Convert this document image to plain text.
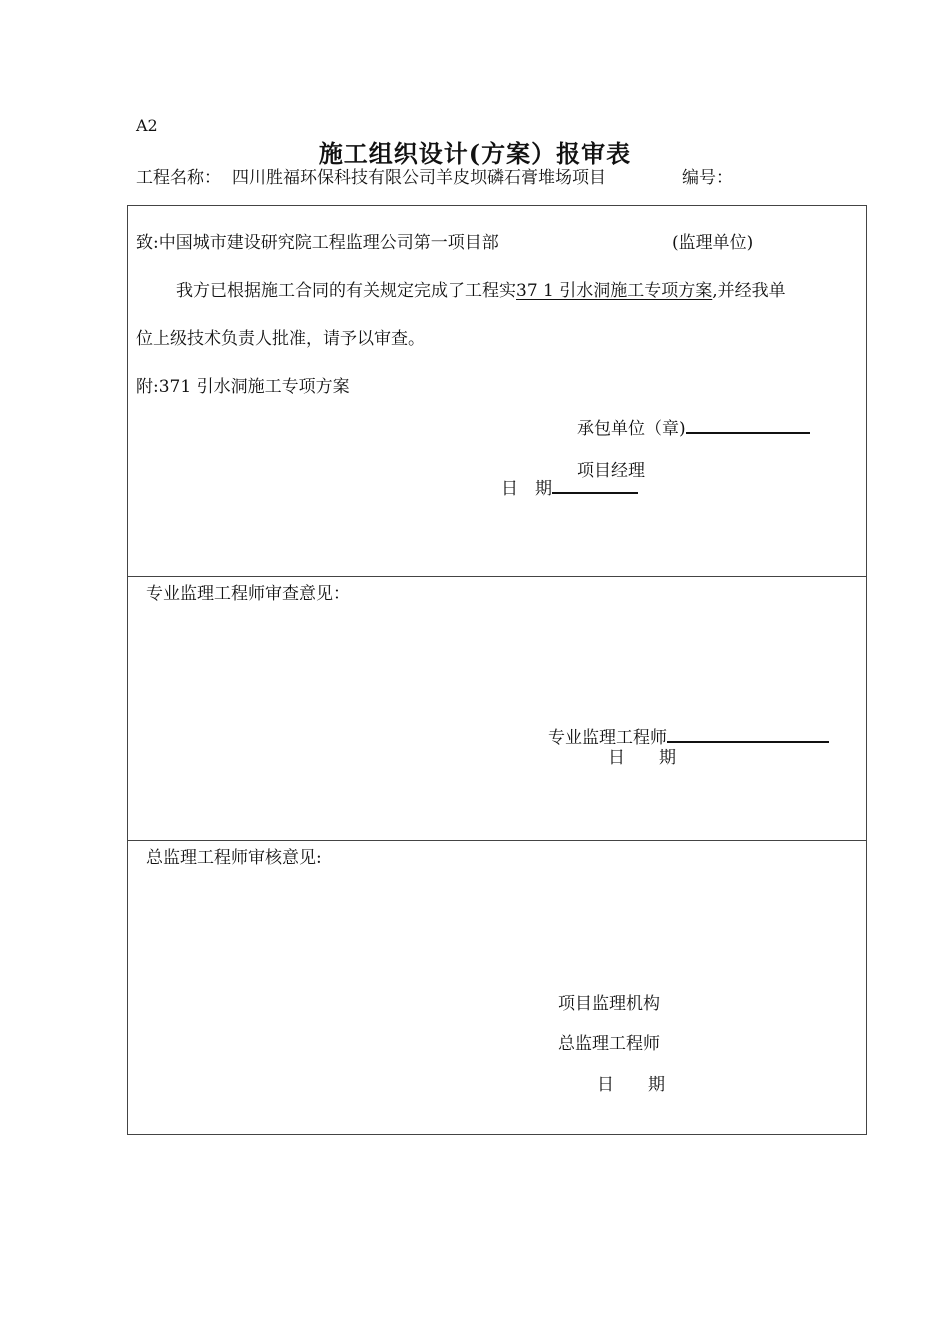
A2
施工组织设计(方案）报审表
工程名称： 四川胜福环保科技有限公司羊皮坝磷石膏堆场项目	编号：
致:中国城市建设研究院工程监理公司第一项目部	(监理单位)
我方已根据施工合同的有关规定完成了工程实37 1 引水洞施工专项方案,并经我单
位上级技术负责人批准，请予以审查。
附:371 引水洞施工专项方案
承包单位（章)
项目经理
日　期
专业监理工程师审查意见：
专业监理工程师
日　　期
总监理工程师审核意见:
项目监理机构
总监理工程师
日　　期
